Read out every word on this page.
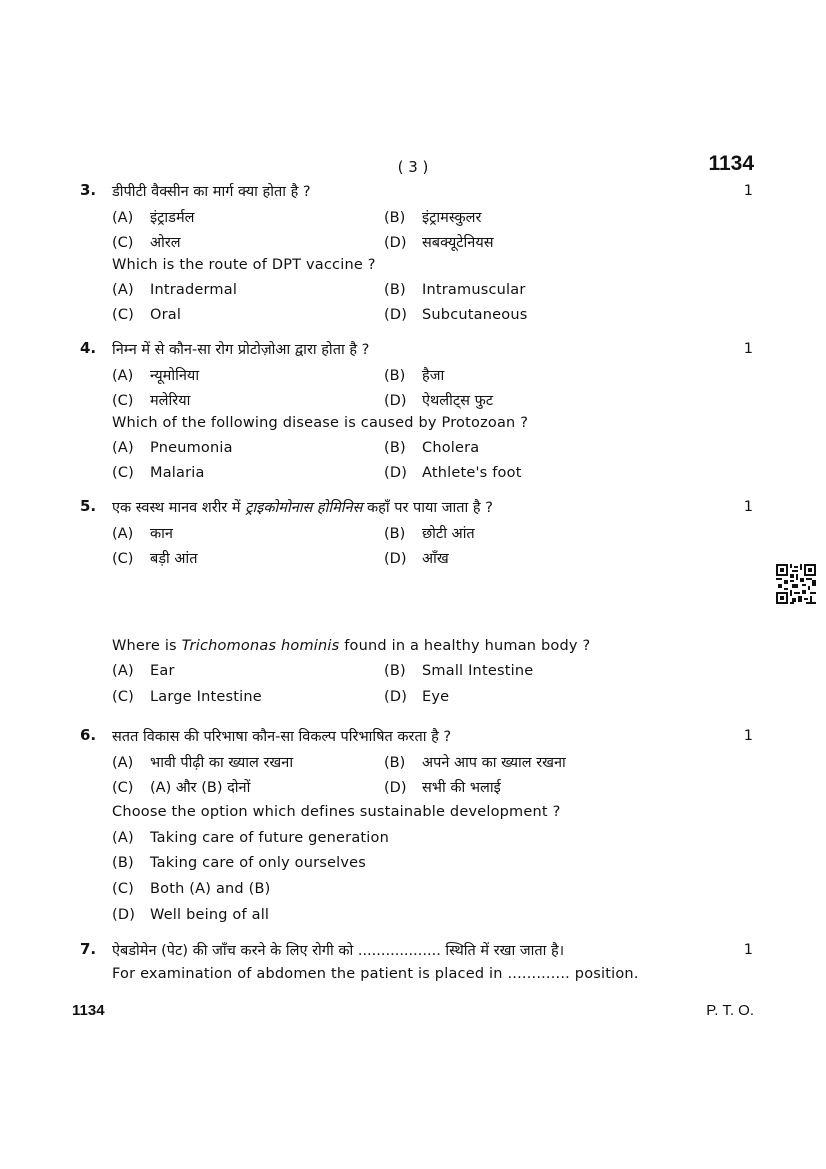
( 3 )	1134
3. डीपीटी वैक्सीन का मार्ग क्या होता है ?	1
(A) इंट्राडर्मल	(B) इंट्रामस्कुलर
(C) ओरल	(D) सबक्यूटेनियस
Which is the route of DPT vaccine ?
(A) Intradermal	(B) Intramuscular
(C) Oral	(D) Subcutaneous
4. निम्न में से कौन-सा रोग प्रोटोज़ोआ द्वारा होता है ?	1
(A) न्यूमोनिया	(B) हैजा
(C) मलेरिया	(D) ऐथलीट्स फुट
Which of the following disease is caused by Protozoan ?
(A) Pneumonia	(B) Cholera
(C) Malaria	(D) Athlete's foot
5. एक स्वस्थ मानव शरीर में ट्राइकोमोनास होमिनिस कहाँ पर पाया जाता है ?	1
(A) कान	(B) छोटी आंत
(C) बड़ी आंत	(D) आँख
Where is Trichomonas hominis found in a healthy human body ?
(A) Ear	(B) Small Intestine
(C) Large Intestine	(D) Eye
6. सतत विकास की परिभाषा कौन-सा विकल्प परिभाषित करता है ?	1
(A) भावी पीढ़ी का ख्याल रखना	(B) अपने आप का ख्याल रखना
(C) (A) और (B) दोनों	(D) सभी की भलाई
Choose the option which defines sustainable development ?
(A) Taking care of future generation
(B) Taking care of only ourselves
(C) Both (A) and (B)
(D) Well being of all
7. ऐबडोमेन (पेट) की जाँच करने के लिए रोगी को .................. स्थिति में रखा जाता है।	1
For examination of abdomen the patient is placed in ............. position.
1134	P. T. O.
